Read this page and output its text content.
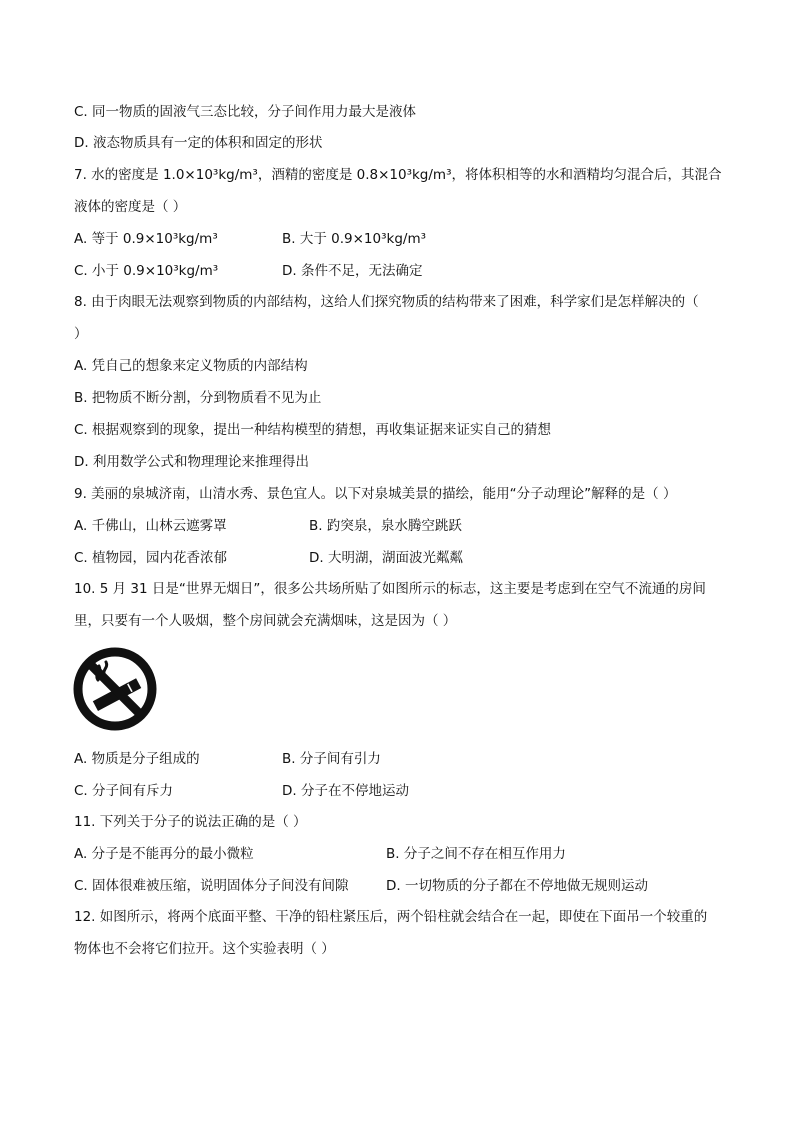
C. 同一物质的固液气三态比较，分子间作用力最大是液体
D. 液态物质具有一定的体积和固定的形状
7. 水的密度是 1.0×10³kg/m³，酒精的密度是 0.8×10³kg/m³，将体积相等的水和酒精均匀混合后，其混合
液体的密度是（ ）
A. 等于 0.9×10³kg/m³	B. 大于 0.9×10³kg/m³
C. 小于 0.9×10³kg/m³	D. 条件不足，无法确定
8. 由于肉眼无法观察到物质的内部结构，这给人们探究物质的结构带来了困难，科学家们是怎样解决的（
）
A. 凭自己的想象来定义物质的内部结构
B. 把物质不断分割，分到物质看不见为止
C. 根据观察到的现象，提出一种结构模型的猜想，再收集证据来证实自己的猜想
D. 利用数学公式和物理理论来推理得出
9. 美丽的泉城济南，山清水秀、景色宜人。以下对泉城美景的描绘，能用“分子动理论”解释的是（ ）
A. 千佛山，山林云遮雾罩	B. 趵突泉，泉水腾空跳跃
C. 植物园，园内花香浓郁	D. 大明湖，湖面波光粼粼
10. 5 月 31 日是“世界无烟日”，很多公共场所贴了如图所示的标志，这主要是考虑到在空气不流通的房间
里，只要有一个人吸烟，整个房间就会充满烟味，这是因为（ ）
A. 物质是分子组成的	B. 分子间有引力
C. 分子间有斥力	D. 分子在不停地运动
11. 下列关于分子的说法正确的是（ ）
A. 分子是不能再分的最小微粒	B. 分子之间不存在相互作用力
C. 固体很难被压缩，说明固体分子间没有间隙	D. 一切物质的分子都在不停地做无规则运动
12. 如图所示，将两个底面平整、干净的铅柱紧压后，两个铅柱就会结合在一起，即使在下面吊一个较重的
物体也不会将它们拉开。这个实验表明（ ）
